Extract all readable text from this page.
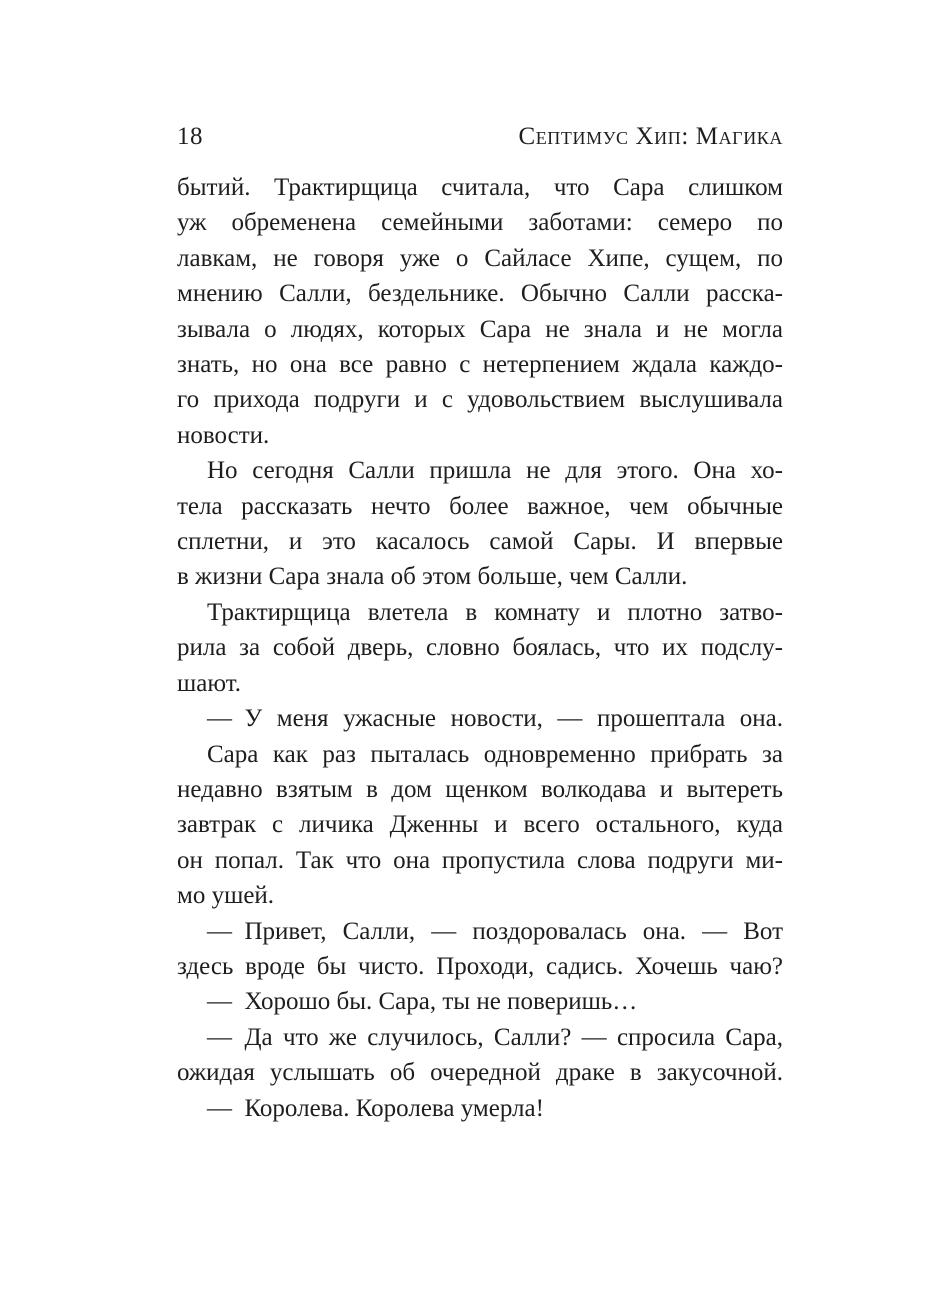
18	Септимус Хип: Магика
бытий. Трактирщица считала, что Сара слишком
уж обременена семейными заботами: семеро по
лавкам, не говоря уже о Сайласе Хипе, сущем, по
мнению Салли, бездельнике. Обычно Салли расска-
зывала о людях, которых Сара не знала и не могла
знать, но она все равно с нетерпением ждала каждо-
го прихода подруги и с удовольствием выслушивала
новости.
Но сегодня Салли пришла не для этого. Она хо-
тела рассказать нечто более важное, чем обычные
сплетни, и это касалось самой Сары. И впервые
в жизни Сара знала об этом больше, чем Салли.
Трактирщица влетела в комнату и плотно затво-
рила за собой дверь, словно боялась, что их подслу-
шают.
— У меня ужасные новости, — прошептала она.
Сара как раз пыталась одновременно прибрать за
недавно взятым в дом щенком волкодава и вытереть
завтрак с личика Дженны и всего остального, куда
он попал. Так что она пропустила слова подруги ми-
мо ушей.
— Привет, Салли, — поздоровалась она. — Вот
здесь вроде бы чисто. Проходи, садись. Хочешь чаю?
— Хорошо бы. Сара, ты не поверишь…
— Да что же случилось, Салли? — спросила Сара,
ожидая услышать об очередной драке в закусочной.
— Королева. Королева умерла!
